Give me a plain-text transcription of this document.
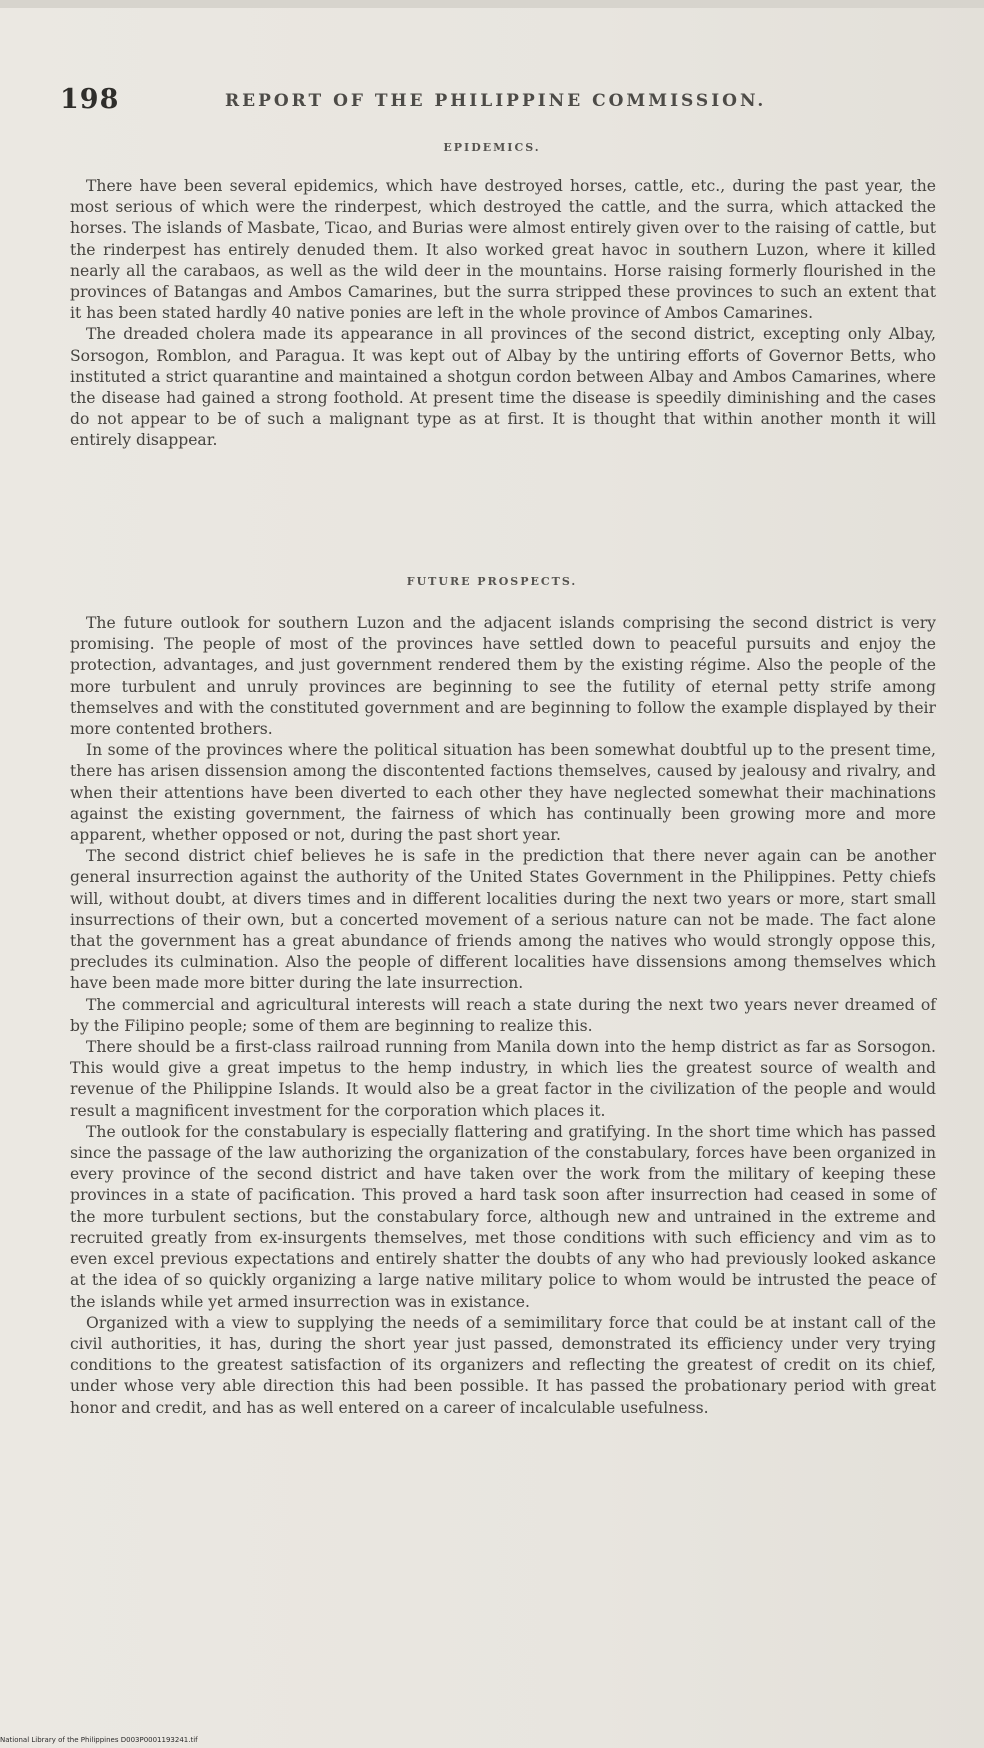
198	REPORT OF THE PHILIPPINE COMMISSION.
EPIDEMICS.

There have been several epidemics, which have destroyed horses, cattle, etc., during the past year, the most serious of which were the rinderpest, which destroyed the cattle, and the surra, which attacked the horses. The islands of Masbate, Ticao, and Burias were almost entirely given over to the raising of cattle, but the rinderpest has entirely denuded them. It also worked great havoc in southern Luzon, where it killed nearly all the carabaos, as well as the wild deer in the mountains. Horse raising formerly flourished in the provinces of Batangas and Ambos Camarines, but the surra stripped these provinces to such an extent that it has been stated hardly 40 native ponies are left in the whole province of Ambos Camarines.

The dreaded cholera made its appearance in all provinces of the second district, excepting only Albay, Sorsogon, Romblon, and Paragua. It was kept out of Albay by the untiring efforts of Governor Betts, who instituted a strict quarantine and maintained a shotgun cordon between Albay and Ambos Camarines, where the disease had gained a strong foothold. At present time the disease is speedily diminishing and the cases do not appear to be of such a malignant type as at first. It is thought that within another month it will entirely disappear.

FUTURE PROSPECTS.

The future outlook for southern Luzon and the adjacent islands comprising the second district is very promising. The people of most of the provinces have settled down to peaceful pursuits and enjoy the protection, advantages, and just government rendered them by the existing régime. Also the people of the more turbulent and unruly provinces are beginning to see the futility of eternal petty strife among themselves and with the constituted government and are beginning to follow the example displayed by their more contented brothers.

In some of the provinces where the political situation has been somewhat doubtful up to the present time, there has arisen dissension among the discontented factions themselves, caused by jealousy and rivalry, and when their attentions have been diverted to each other they have neglected somewhat their machinations against the existing government, the fairness of which has continually been growing more and more apparent, whether opposed or not, during the past short year.

The second district chief believes he is safe in the prediction that there never again can be another general insurrection against the authority of the United States Government in the Philippines. Petty chiefs will, without doubt, at divers times and in different localities during the next two years or more, start small insurrections of their own, but a concerted movement of a serious nature can not be made. The fact alone that the government has a great abundance of friends among the natives who would strongly oppose this, precludes its culmination. Also the people of different localities have dissensions among themselves which have been made more bitter during the late insurrection.

The commercial and agricultural interests will reach a state during the next two years never dreamed of by the Filipino people; some of them are beginning to realize this.

There should be a first-class railroad running from Manila down into the hemp district as far as Sorsogon. This would give a great impetus to the hemp industry, in which lies the greatest source of wealth and revenue of the Philippine Islands. It would also be a great factor in the civilization of the people and would result a magnificent investment for the corporation which places it.

The outlook for the constabulary is especially flattering and gratifying. In the short time which has passed since the passage of the law authorizing the organization of the constabulary, forces have been organized in every province of the second district and have taken over the work from the military of keeping these provinces in a state of pacification. This proved a hard task soon after insurrection had ceased in some of the more turbulent sections, but the constabulary force, although new and untrained in the extreme and recruited greatly from ex-insurgents themselves, met those conditions with such efficiency and vim as to even excel previous expectations and entirely shatter the doubts of any who had previously looked askance at the idea of so quickly organizing a large native military police to whom would be intrusted the peace of the islands while yet armed insurrection was in existance.

Organized with a view to supplying the needs of a semimilitary force that could be at instant call of the civil authorities, it has, during the short year just passed, demonstrated its efficiency under very trying conditions to the greatest satisfaction of its organizers and reflecting the greatest of credit on its chief, under whose very able direction this had been possible. It has passed the probationary period with great honor and credit, and has as well entered on a career of incalculable usefulness.

National Library of the Philippines D003P0001193241.tif
